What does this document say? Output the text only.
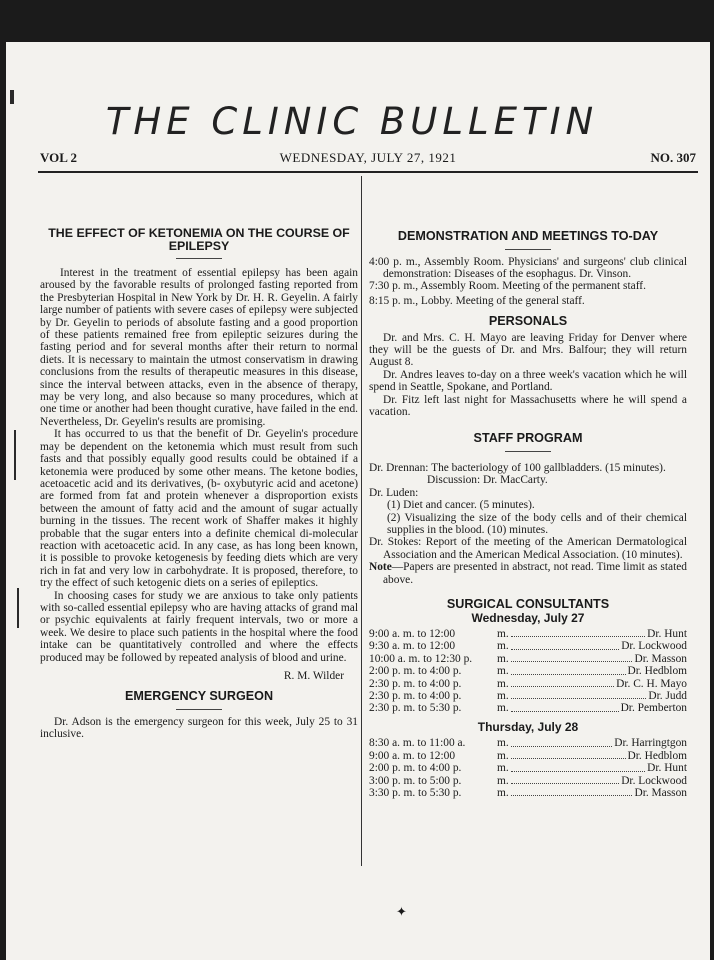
THE CLINIC BULLETIN
VOL 2	WEDNESDAY, JULY 27, 1921	NO. 307
THE EFFECT OF KETONEMIA ON THE COURSE OF EPILEPSY

Interest in the treatment of essential epilepsy has been again aroused by the favorable results of prolonged fasting reported from the Presbyterian Hospital in New York by Dr. H. R. Geyelin. A fairly large number of patients with severe cases of epilepsy were subjected by Dr. Geyelin to periods of absolute fasting and a good proportion of these patients remained free from epileptic seizures during the fasting period and for several months after their return to normal diets. It is necessary to maintain the utmost conservatism in drawing conclusions from the results of therapeutic measures in this disease, since the interval between attacks, even in the absence of therapy, may be very long, and also because so many procedures, which at one time or another had been thought curative, have failed in the end. Nevertheless, Dr. Geyelin's results are promising.

It has occurred to us that the benefit of Dr. Geyelin's procedure may be dependent on the ketonemia which must result from such fasts and that possibly equally good results could be obtained if a ketonemia were produced by some other means. The ketone bodies, acetoacetic acid and its derivatives, (b- oxybutyric acid and acetone) are formed from fat and protein whenever a disproportion exists between the amount of fatty acid and the amount of sugar actually burning in the tissues. The recent work of Shaffer makes it highly probable that the sugar enters into a definite chemical di-molecular reaction with acetoacetic acid. In any case, as has long been known, it is possible to provoke ketogenesis by feeding diets which are very rich in fat and very low in carbohydrate. It is proposed, therefore, to try the effect of such ketogenic diets on a series of epileptics.

In choosing cases for study we are anxious to take only patients with so-called essential epilepsy who are having attacks of grand mal or psychic equivalents at fairly frequent intervals, two or more a week. We desire to place such patients in the hospital where the food intake can be quantitatively controlled and where the effects produced may be followed by repeated analysis of blood and urine.

R. M. Wilder

EMERGENCY SURGEON

Dr. Adson is the emergency surgeon for this week, July 25 to 31 inclusive.

DEMONSTRATION AND MEETINGS TO-DAY

4:00 p. m., Assembly Room. Physicians' and surgeons' club clinical demonstration: Diseases of the esophagus. Dr. Vinson.

7:30 p. m., Assembly Room. Meeting of the permanent staff.

8:15 p. m., Lobby. Meeting of the general staff.

PERSONALS

Dr. and Mrs. C. H. Mayo are leaving Friday for Denver where they will be the guests of Dr. and Mrs. Balfour; they will return August 8.

Dr. Andres leaves to-day on a three week's vacation which he will spend in Seattle, Spokane, and Portland.

Dr. Fitz left last night for Massachusetts where he will spend a vacation.

STAFF PROGRAM

Dr. Drennan: The bacteriology of 100 gallbladders. (15 minutes).

Discussion: Dr. MacCarty.

Dr. Luden:

(1) Diet and cancer. (5 minutes).

(2) Visualizing the size of the body cells and of their chemical supplies in the blood. (10) minutes.

Dr. Stokes: Report of the meeting of the American Dermatological Association and the American Medical Association. (10 minutes).

Note—Papers are presented in abstract, not read. Time limit as stated above.

SURGICAL CONSULTANTS
Wednesday, July 27
9:00 a. m. to 12:00	m.	Dr. Hunt
9:30 a. m. to 12:00	m.	Dr. Lockwood
10:00 a. m. to 12:30 p.	m.	Dr. Masson
2:00 p. m. to 4:00 p.	m.	Dr. Hedblom
2:30 p. m. to 4:00 p.	m.	Dr. C. H. Mayo
2:30 p. m. to 4:00 p.	m.	Dr. Judd
2:30 p. m. to 5:30 p.	m.	Dr. Pemberton
Thursday, July 28
8:30 a. m. to 11:00 a.	m.	Dr. Harringtgon
9:00 a. m. to 12:00	m.	Dr. Hedblom
2:00 p. m. to 4:00 p.	m.	Dr. Hunt
3:00 p. m. to 5:00 p.	m.	Dr. Lockwood
3:30 p. m. to 5:30 p.	m.	Dr. Masson
✦
